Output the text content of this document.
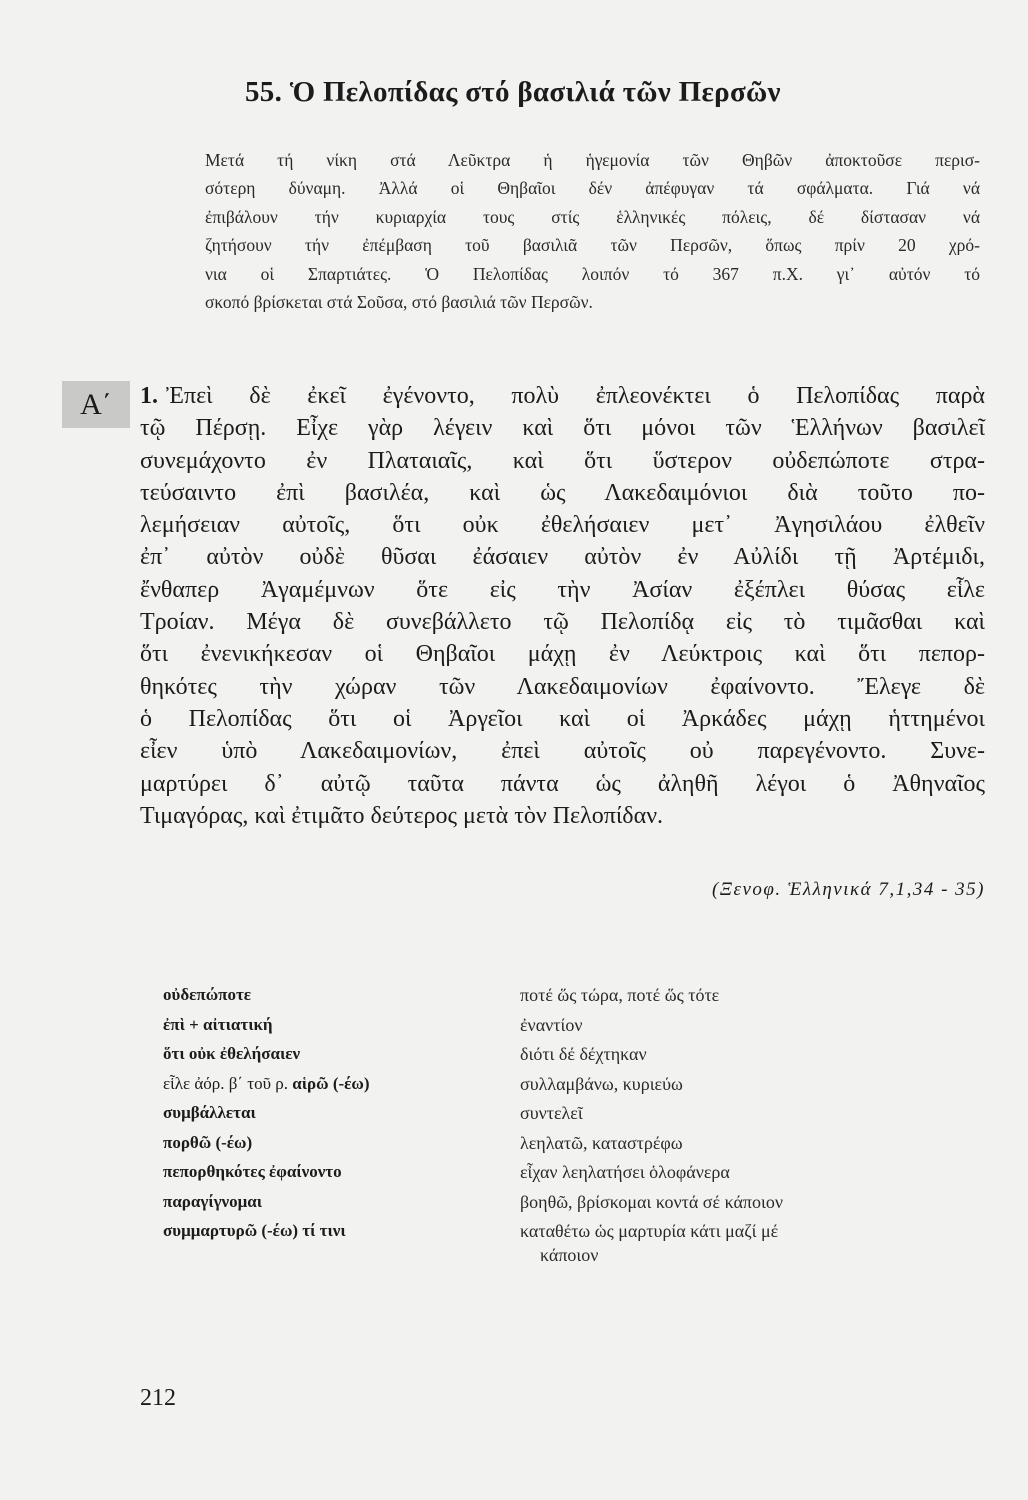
55. Ὁ Πελοπίδας στό βασιλιά τῶν Περσῶν
Μετά τή νίκη στά Λεῦκτρα ἡ ἡγεμονία τῶν Θηβῶν ἀποκτοῦσε περισ-
σότερη δύναμη. Ἀλλά οἱ Θηβαῖοι δέν ἀπέφυγαν τά σφάλματα. Γιά νά
ἐπιβάλουν τήν κυριαρχία τους στίς ἑλληνικές πόλεις, δέ δίστασαν νά
ζητήσουν τήν ἐπέμβαση τοῦ βασιλιᾶ τῶν Περσῶν, ὅπως πρίν 20 χρό-
νια οἱ Σπαρτιάτες. Ὁ Πελοπίδας λοιπόν τό 367 π.Χ. γι᾽ αὐτόν τό
σκοπό βρίσκεται στά Σοῦσα, στό βασιλιά τῶν Περσῶν.
Α΄	1. Ἐπεὶ δὲ ἐκεῖ ἐγένοντο, πολὺ ἐπλεονέκτει ὁ Πελοπίδας παρὰ
τῷ Πέρσῃ. Εἶχε γὰρ λέγειν καὶ ὅτι μόνοι τῶν Ἑλλήνων βασιλεῖ
συνεμάχοντο ἐν Πλαταιαῖς, καὶ ὅτι ὕστερον οὐδεπώποτε στρα-
τεύσαιντο ἐπὶ βασιλέα, καὶ ὡς Λακεδαιμόνιοι διὰ τοῦτο πο-
λεμήσειαν αὐτοῖς, ὅτι οὐκ ἐθελήσαιεν μετ᾽ Ἀγησιλάου ἐλθεῖν
ἐπ᾽ αὐτὸν οὐδὲ θῦσαι ἐάσαιεν αὐτὸν ἐν Αὐλίδι τῇ Ἀρτέμιδι,
ἔνθαπερ Ἀγαμέμνων ὅτε εἰς τὴν Ἀσίαν ἐξέπλει θύσας εἷλε
Τροίαν. Μέγα δὲ συνεβάλλετο τῷ Πελοπίδᾳ εἰς τὸ τιμᾶσθαι καὶ
ὅτι ἐνενικήκεσαν οἱ Θηβαῖοι μάχῃ ἐν Λεύκτροις καὶ ὅτι πεπορ-
θηκότες τὴν χώραν τῶν Λακεδαιμονίων ἐφαίνοντο. Ἔλεγε δὲ
ὁ Πελοπίδας ὅτι οἱ Ἀργεῖοι καὶ οἱ Ἀρκάδες μάχῃ ἡττημένοι
εἶεν ὑπὸ Λακεδαιμονίων, ἐπεὶ αὐτοῖς οὐ παρεγένοντο. Συνε-
μαρτύρει δ᾽ αὐτῷ ταῦτα πάντα ὡς ἀληθῆ λέγοι ὁ Ἀθηναῖος
Τιμαγόρας, καὶ ἐτιμᾶτο δεύτερος μετὰ τὸν Πελοπίδαν.
(Ξενοφ. Ἑλληνικά 7,1,34 - 35)
οὐδεπώποτε	ποτέ ὥς τώρα, ποτέ ὥς τότε
ἐπὶ + αἰτιατική	ἐναντίον
ὅτι οὐκ ἐθελήσαιεν	διότι δέ δέχτηκαν
εἷλε ἀόρ. β΄ τοῦ ρ. αἱρῶ (-έω)	συλλαμβάνω, κυριεύω
συμβάλλεται	συντελεῖ
πορθῶ (-έω)	λεηλατῶ, καταστρέφω
πεπορθηκότες ἐφαίνοντο	εἶχαν λεηλατήσει ὁλοφάνερα
παραγίγνομαι	βοηθῶ, βρίσκομαι κοντά σέ κάποιον
συμμαρτυρῶ (-έω) τί τινι	καταθέτω ὡς μαρτυρία κάτι μαζί μέ
κάποιον
212
